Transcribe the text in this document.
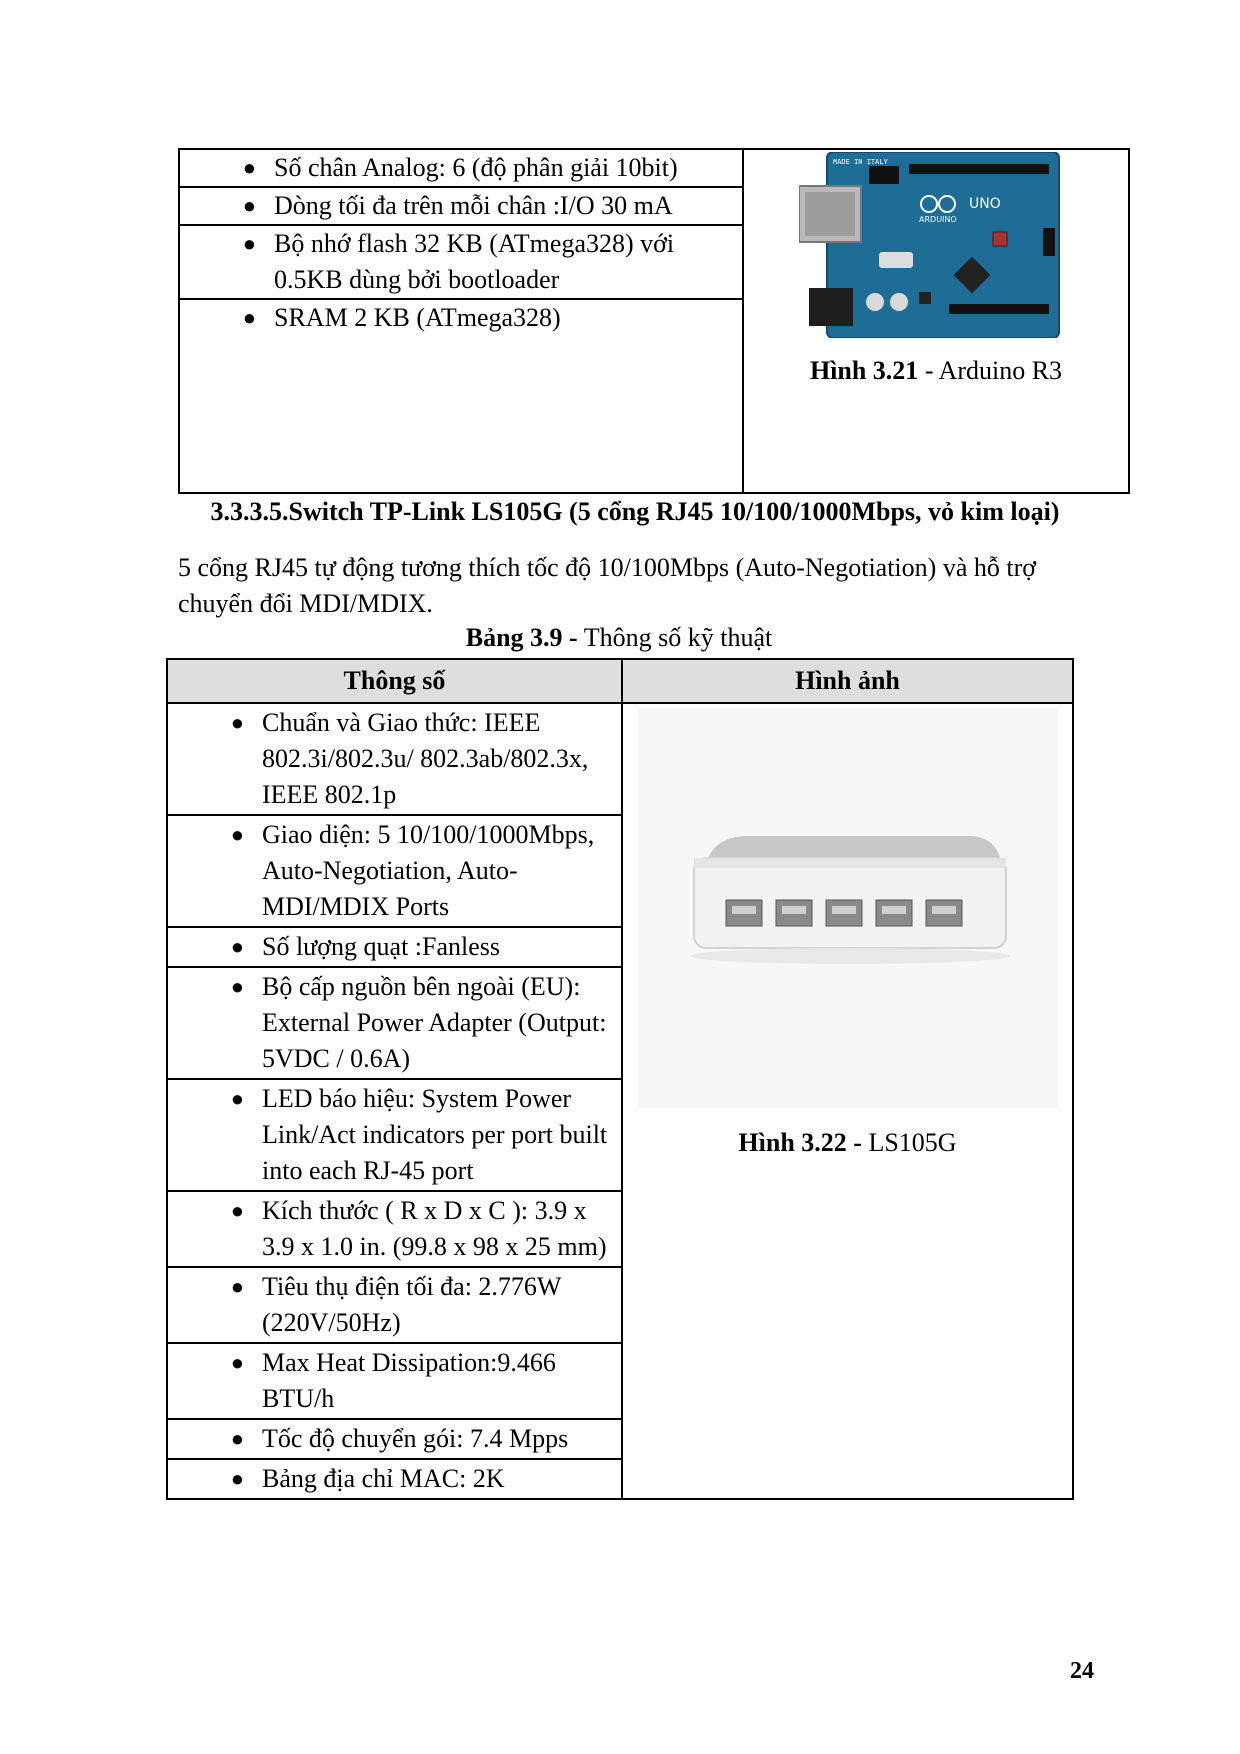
● Số chân Analog: 6 (độ phân giải 10bit)	MADE IN ITALY
UNO
ARDUINO
Hình 3.21 - Arduino R3

● Dòng tối đa trên mỗi chân :I/O 30 mA

● Bộ nhớ flash 32 KB (ATmega328) với 0.5KB dùng bởi bootloader

● SRAM 2 KB (ATmega328)
3.3.3.5.Switch TP-Link LS105G (5 cổng RJ45 10/100/1000Mbps, vỏ kim loại)
5 cổng RJ45 tự động tương thích tốc độ 10/100Mbps (Auto-Negotiation) và hỗ trợ chuyển đổi MDI/MDIX.
Bảng 3.9 - Thông số kỹ thuật
Thông số	Hình ảnh

● Chuẩn và Giao thức: IEEE 802.3i/802.3u/ 802.3ab/802.3x, IEEE 802.1p	Hình 3.22 - LS105G

● Giao diện: 5 10/100/1000Mbps, Auto-Negotiation, Auto-MDI/MDIX Ports	

● Số lượng quạt :Fanless	

● Bộ cấp nguồn bên ngoài (EU): External Power Adapter (Output: 5VDC / 0.6A)	

● LED báo hiệu: System Power Link/Act indicators per port built into each RJ-45 port	

● Kích thước ( R x D x C ): 3.9 x 3.9 x 1.0 in. (99.8 x 98 x 25 mm)	

● Tiêu thụ điện tối đa: 2.776W (220V/50Hz)	

● Max Heat Dissipation:9.466 BTU/h	

● Tốc độ chuyển gói: 7.4 Mpps	

● Bảng địa chỉ MAC: 2K	
24
